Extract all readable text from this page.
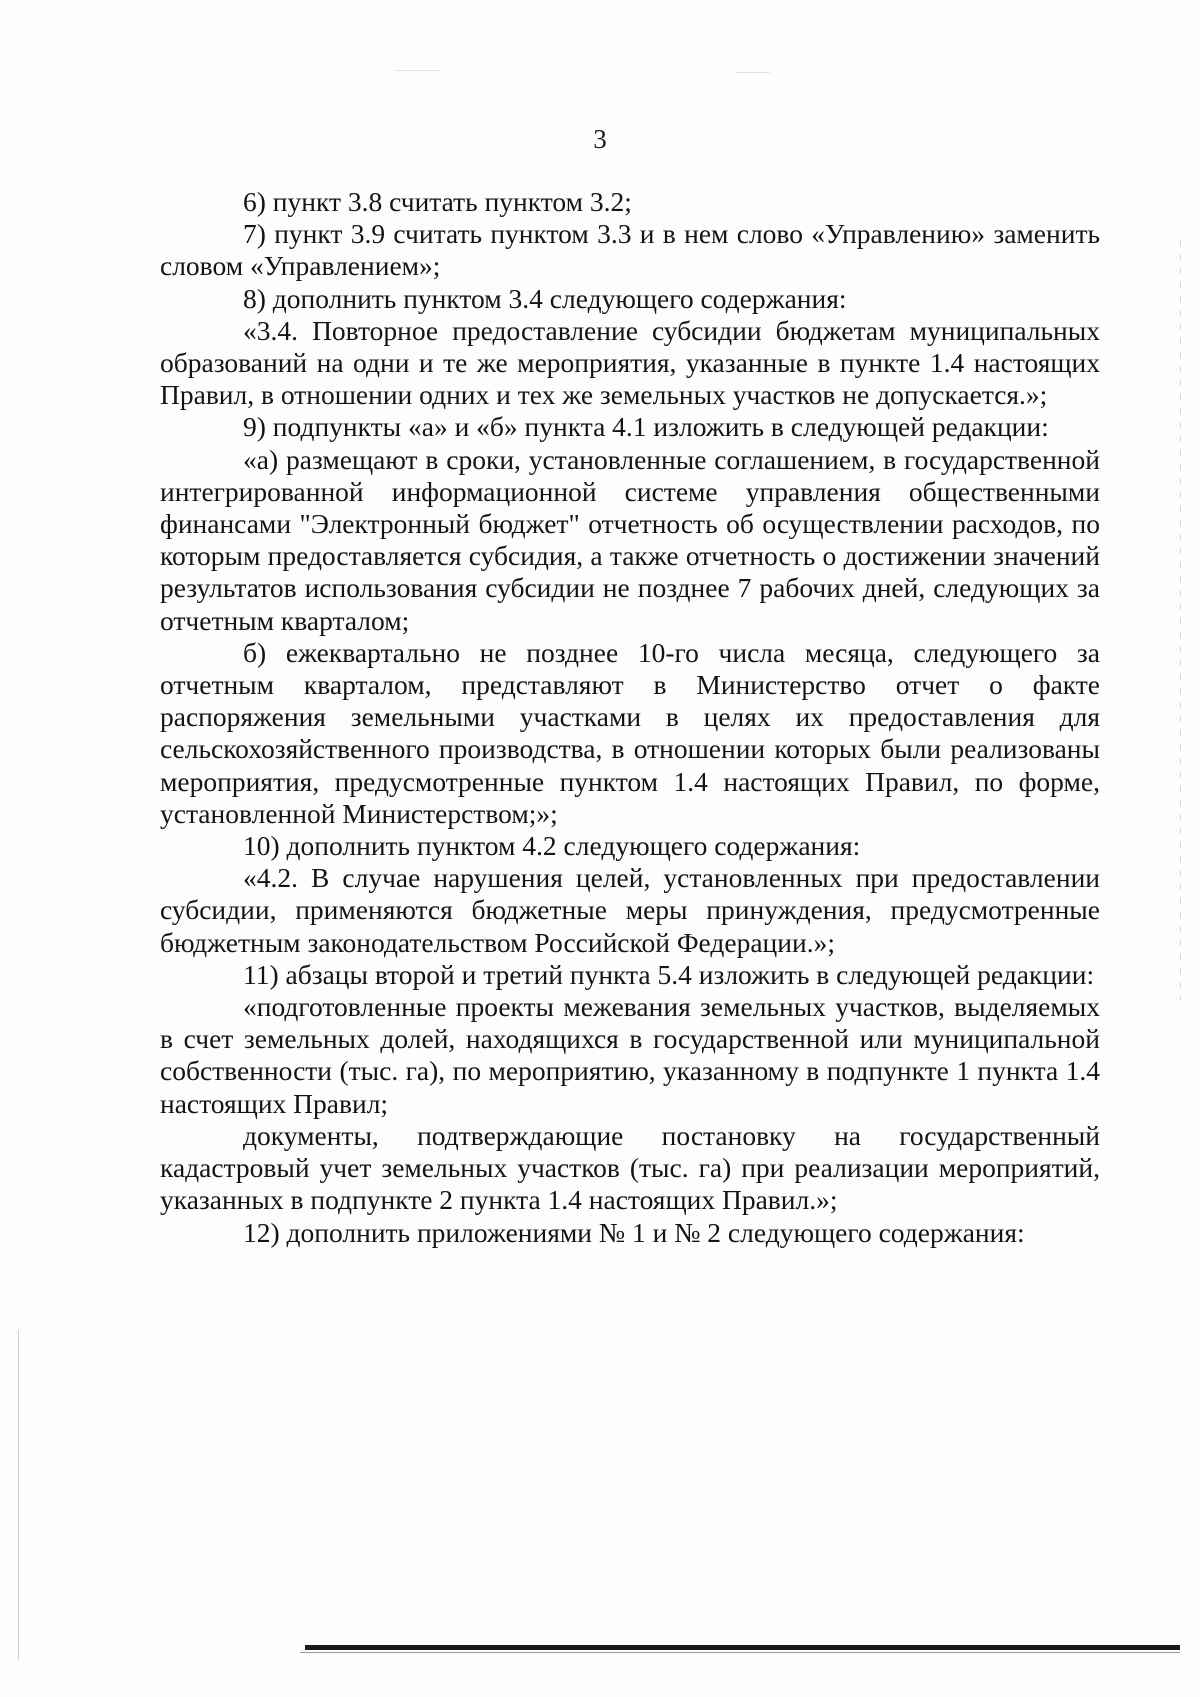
3

6) пункт 3.8 считать пунктом 3.2;

7) пункт 3.9 считать пунктом 3.3 и в нем слово «Управлению» заменить словом «Управлением»;

8) дополнить пунктом 3.4 следующего содержания:

«3.4. Повторное предоставление субсидии бюджетам муниципальных образований на одни и те же мероприятия, указанные в пункте 1.4 настоящих Правил, в отношении одних и тех же земельных участков не допускается.»;

9) подпункты «а» и «б» пункта 4.1 изложить в следующей редакции:

«а) размещают в сроки, установленные соглашением, в государственной интегрированной информационной системе управления общественными финансами "Электронный бюджет" отчетность об осуществлении расходов, по которым предоставляется субсидия, а также отчетность о достижении значений результатов использования субсидии не позднее 7 рабочих дней, следующих за отчетным кварталом;

б) ежеквартально не позднее 10-го числа месяца, следующего за отчетным кварталом, представляют в Министерство отчет о факте распоряжения земельными участками в целях их предоставления для сельскохозяйственного производства, в отношении которых были реализованы мероприятия, предусмотренные пунктом 1.4 настоящих Правил, по форме, установленной Министерством;»;

10) дополнить пунктом 4.2 следующего содержания:

«4.2. В случае нарушения целей, установленных при предоставлении субсидии, применяются бюджетные меры принуждения, предусмотренные бюджетным законодательством Российской Федерации.»;

11) абзацы второй и третий пункта 5.4 изложить в следующей редакции:

«подготовленные проекты межевания земельных участков, выделяемых в счет земельных долей, находящихся в государственной или муниципальной собственности (тыс. га), по мероприятию, указанному в подпункте 1 пункта 1.4 настоящих Правил;

документы, подтверждающие постановку на государственный кадастровый учет земельных участков (тыс. га) при реализации мероприятий, указанных в подпункте 2 пункта 1.4 настоящих Правил.»;

12) дополнить приложениями № 1 и № 2 следующего содержания:
